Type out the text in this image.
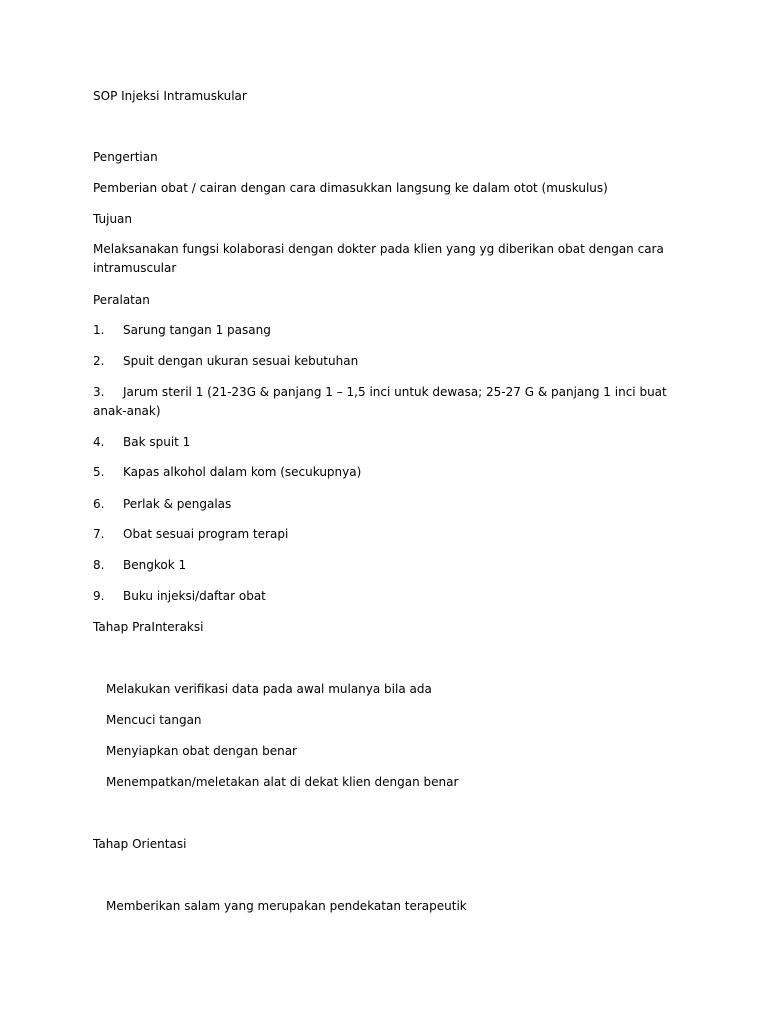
SOP Injeksi Intramuskular
Pengertian
Pemberian obat / cairan dengan cara dimasukkan langsung ke dalam otot (muskulus)
Tujuan
Melaksanakan fungsi kolaborasi dengan dokter pada klien yang yg diberikan obat dengan cara intramuscular
Peralatan
1. Sarung tangan 1 pasang
2. Spuit dengan ukuran sesuai kebutuhan
3. Jarum steril 1 (21-23G & panjang 1 – 1,5 inci untuk dewasa; 25-27 G & panjang 1 inci buat anak-anak)
4. Bak spuit 1
5. Kapas alkohol dalam kom (secukupnya)
6. Perlak & pengalas
7. Obat sesuai program terapi
8. Bengkok 1
9. Buku injeksi/daftar obat
Tahap PraInteraksi
Melakukan verifikasi data pada awal mulanya bila ada
Mencuci tangan
Menyiapkan obat dengan benar
Menempatkan/meletakan alat di dekat klien dengan benar
Tahap Orientasi
Memberikan salam yang merupakan pendekatan terapeutik
